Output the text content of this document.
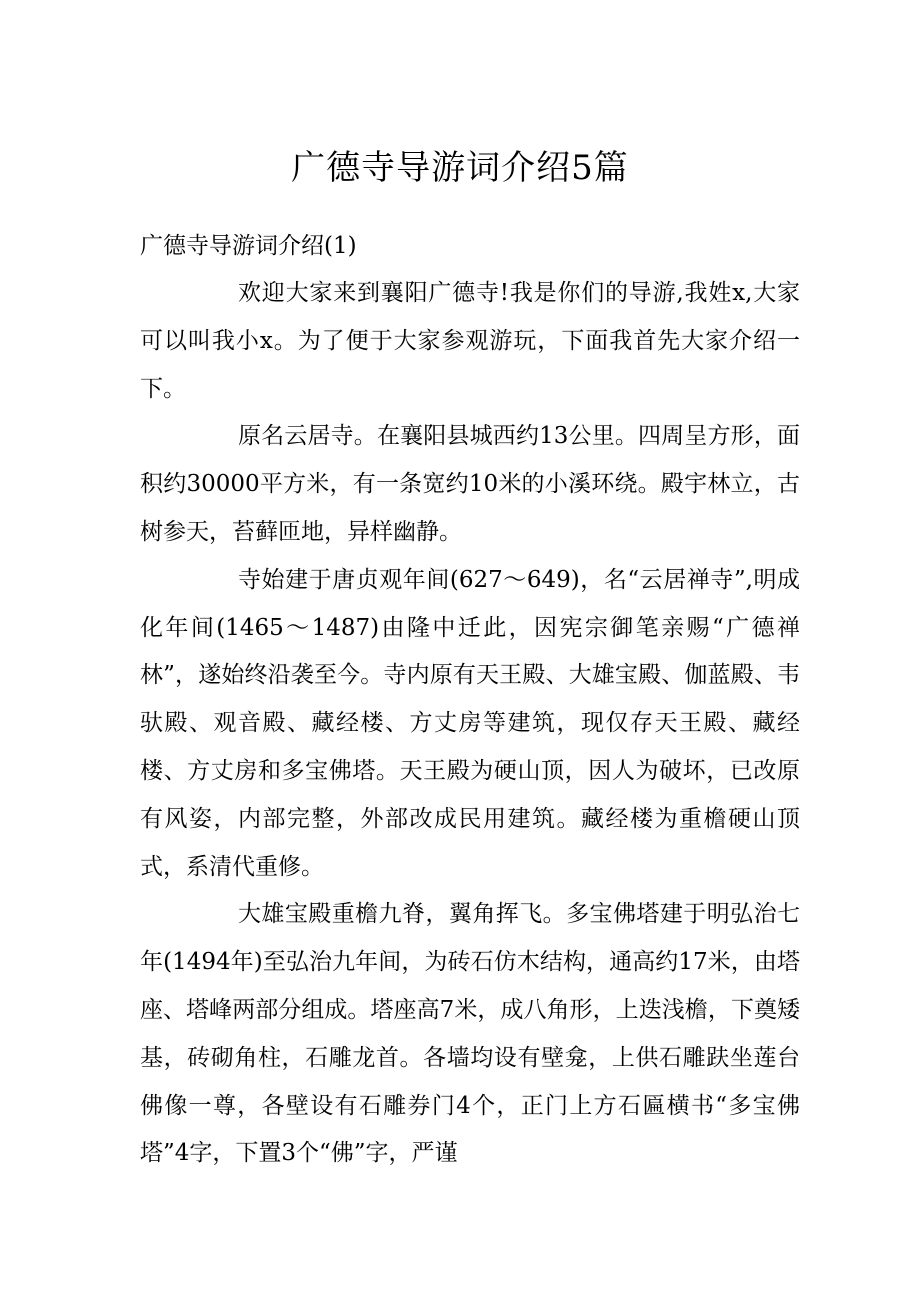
广德寺导游词介绍5篇
广德寺导游词介绍(1)

欢迎大家来到襄阳广德寺!我是你们的导游,我姓x,大家可以叫我小x。为了便于大家参观游玩，下面我首先大家介绍一下。

原名云居寺。在襄阳县城西约13公里。四周呈方形，面积约30000平方米，有一条宽约10米的小溪环绕。殿宇林立，古树参天，苔藓匝地，异样幽静。

寺始建于唐贞观年间(627～649)，名“云居禅寺”,明成化年间(1465～1487)由隆中迁此，因宪宗御笔亲赐“广德禅林”，遂始终沿袭至今。寺内原有天王殿、大雄宝殿、伽蓝殿、韦驮殿、观音殿、藏经楼、方丈房等建筑，现仅存天王殿、藏经楼、方丈房和多宝佛塔。天王殿为硬山顶，因人为破坏，已改原有风姿，内部完整，外部改成民用建筑。藏经楼为重檐硬山顶式，系清代重修。

大雄宝殿重檐九脊，翼角挥飞。多宝佛塔建于明弘治七年(1494年)至弘治九年间，为砖石仿木结构，通高约17米，由塔座、塔峰两部分组成。塔座高7米，成八角形，上迭浅檐，下奠矮基，砖砌角柱，石雕龙首。各墙均设有壁龛，上供石雕趺坐莲台佛像一尊，各壁设有石雕券门4个，正门上方石匾横书“多宝佛塔”4字，下置3个“佛”字，严谨
